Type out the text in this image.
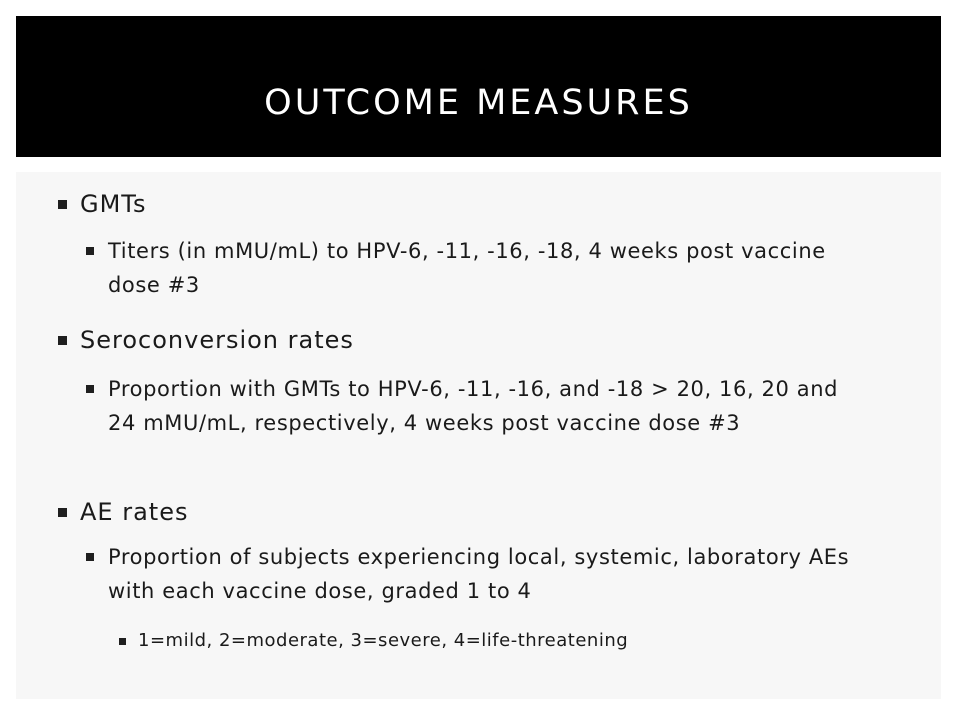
OUTCOME MEASURES
GMTs
Titers (in mMU/mL) to HPV-6, -11, -16, -18, 4 weeks post vaccine dose #3
Seroconversion rates
Proportion with GMTs to HPV-6, -11, -16, and -18 > 20, 16, 20 and 24 mMU/mL, respectively, 4 weeks post vaccine dose #3
AE rates
Proportion of subjects experiencing local, systemic, laboratory AEs with each vaccine dose, graded 1 to 4
1=mild, 2=moderate, 3=severe, 4=life-threatening
